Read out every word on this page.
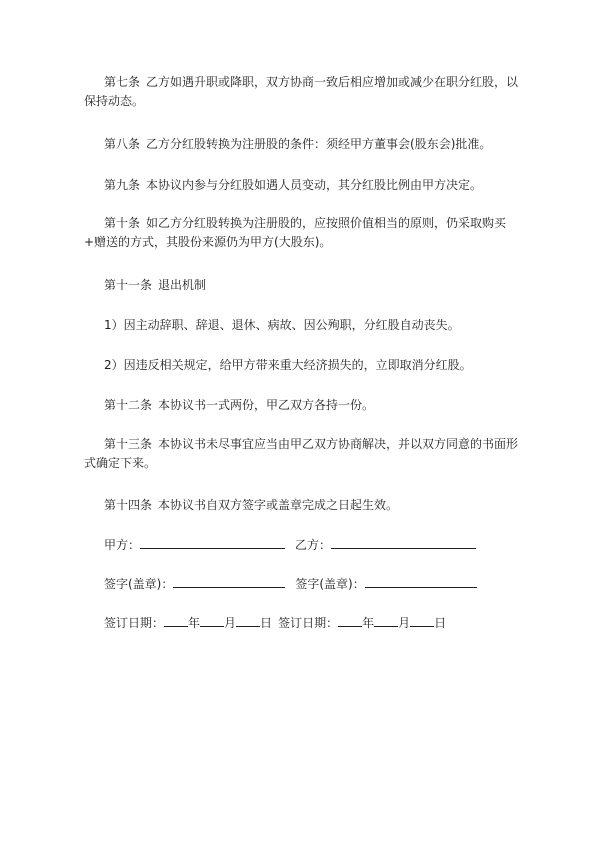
第七条 乙方如遇升职或降职，双方协商一致后相应增加或减少在职分红股，以保持动态。

第八条 乙方分红股转换为注册股的条件：须经甲方董事会(股东会)批准。

第九条 本协议内参与分红股如遇人员变动，其分红股比例由甲方决定。

第十条 如乙方分红股转换为注册股的，应按照价值相当的原则，仍采取购买+赠送的方式，其股份来源仍为甲方(大股东)。

第十一条 退出机制

1）因主动辞职、辞退、退休、病故、因公殉职，分红股自动丧失。

2）因违反相关规定，给甲方带来重大经济损失的，立即取消分红股。

第十二条 本协议书一式两份，甲乙双方各持一份。

第十三条 本协议书未尽事宜应当由甲乙双方协商解决，并以双方同意的书面形式确定下来。

第十四条 本协议书自双方签字或盖章完成之日起生效。

甲方：	乙方：
签字(盖章)：	签字(盖章)：
签订日期： 年 月 日 签订日期： 年 月 日
